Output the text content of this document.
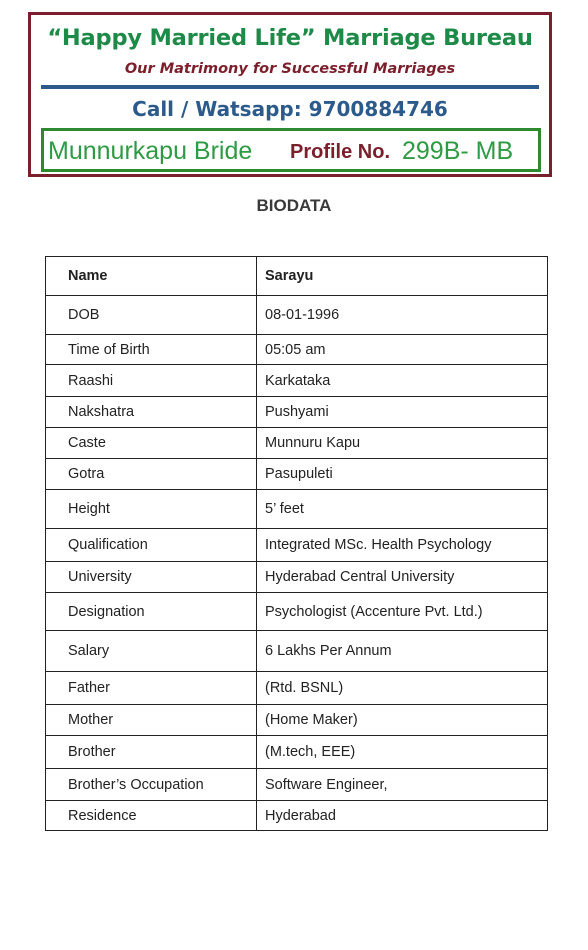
“Happy Married Life” Marriage Bureau
Our Matrimony for Successful Marriages
Call / Watsapp: 9700884746
Munnurkapu Bride Profile No. 299B- MB
BIODATA
Name	Sarayu
DOB	08-01-1996
Time of Birth	05:05 am
Raashi	Karkataka
Nakshatra	Pushyami
Caste	Munnuru Kapu
Gotra	Pasupuleti
Height	5’ feet
Qualification	Integrated MSc. Health Psychology
University	Hyderabad Central University
Designation	Psychologist (Accenture Pvt. Ltd.)
Salary	6 Lakhs Per Annum
Father	(Rtd. BSNL)
Mother	(Home Maker)
Brother	(M.tech, EEE)
Brother’s Occupation	Software Engineer,
Residence	Hyderabad
